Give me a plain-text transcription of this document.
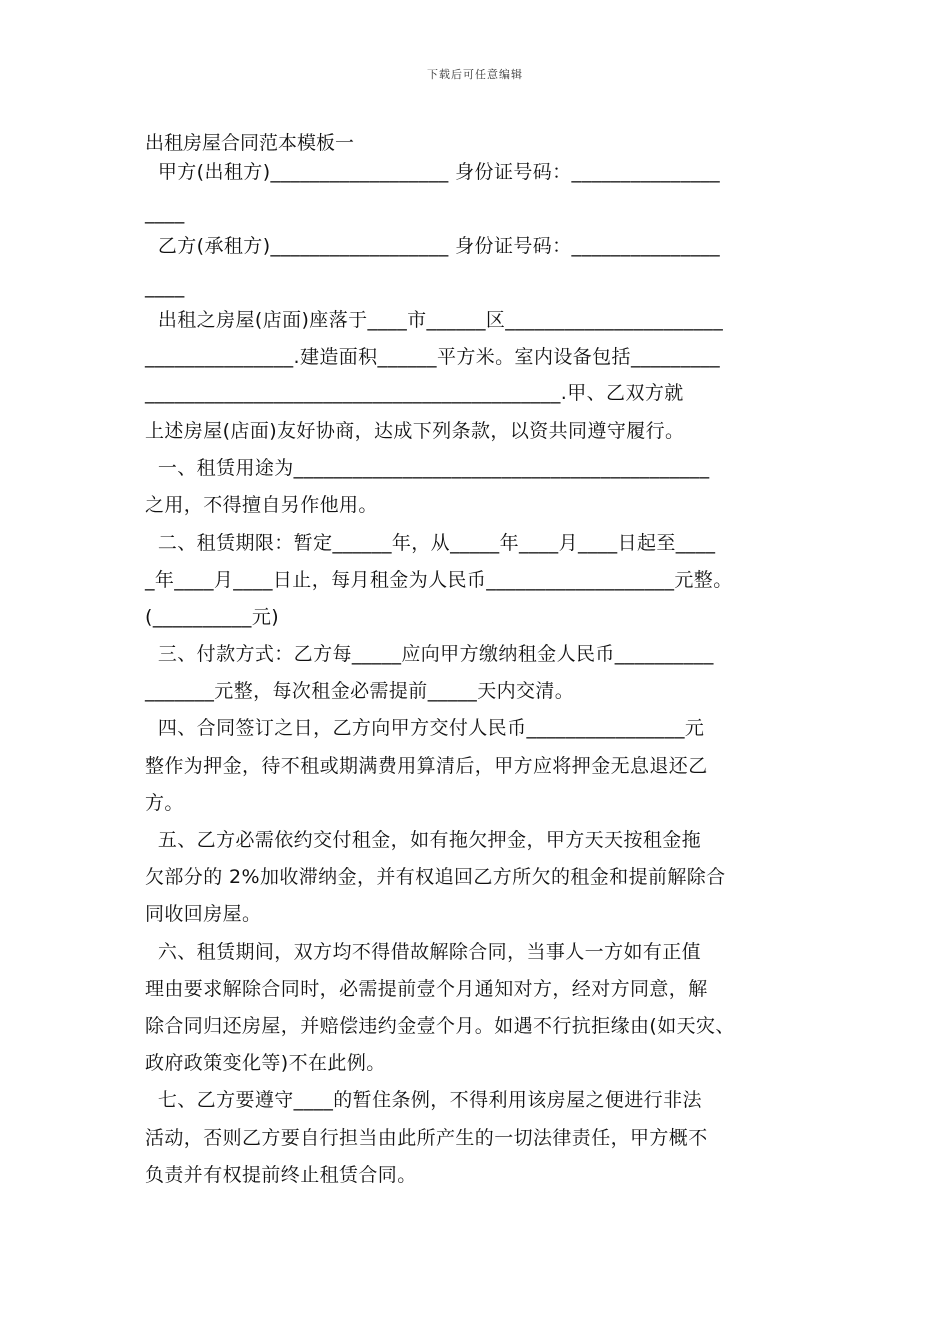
下载后可任意编辑
出租房屋合同范本模板一
甲方(出租方)__________________ 身份证号码：_______________
____
乙方(承租方)__________________ 身份证号码：_______________
____
出租之房屋(店面)座落于____市______区______________________
_______________.建造面积______平方米。室内设备包括_________
__________________________________________.甲、乙双方就
上述房屋(店面)友好协商，达成下列条款，以资共同遵守履行。
一、租赁用途为__________________________________________
之用，不得擅自另作他用。
二、租赁期限：暂定______年，从_____年____月____日起至____
_年____月____日止，每月租金为人民币___________________元整。
(__________元)
三、付款方式：乙方每_____应向甲方缴纳租金人民币__________
_______元整，每次租金必需提前_____天内交清。
四、合同签订之日，乙方向甲方交付人民币________________元
整作为押金，待不租或期满费用算清后，甲方应将押金无息退还乙
方。
五、乙方必需依约交付租金，如有拖欠押金，甲方天天按租金拖
欠部分的 2%加收滞纳金，并有权追回乙方所欠的租金和提前解除合
同收回房屋。
六、租赁期间，双方均不得借故解除合同，当事人一方如有正值
理由要求解除合同时，必需提前壹个月通知对方，经对方同意，解
除合同归还房屋，并赔偿违约金壹个月。如遇不行抗拒缘由(如天灾、
政府政策变化等)不在此例。
七、乙方要遵守____的暂住条例，不得利用该房屋之便进行非法
活动，否则乙方要自行担当由此所产生的一切法律责任，甲方概不
负责并有权提前终止租赁合同。
